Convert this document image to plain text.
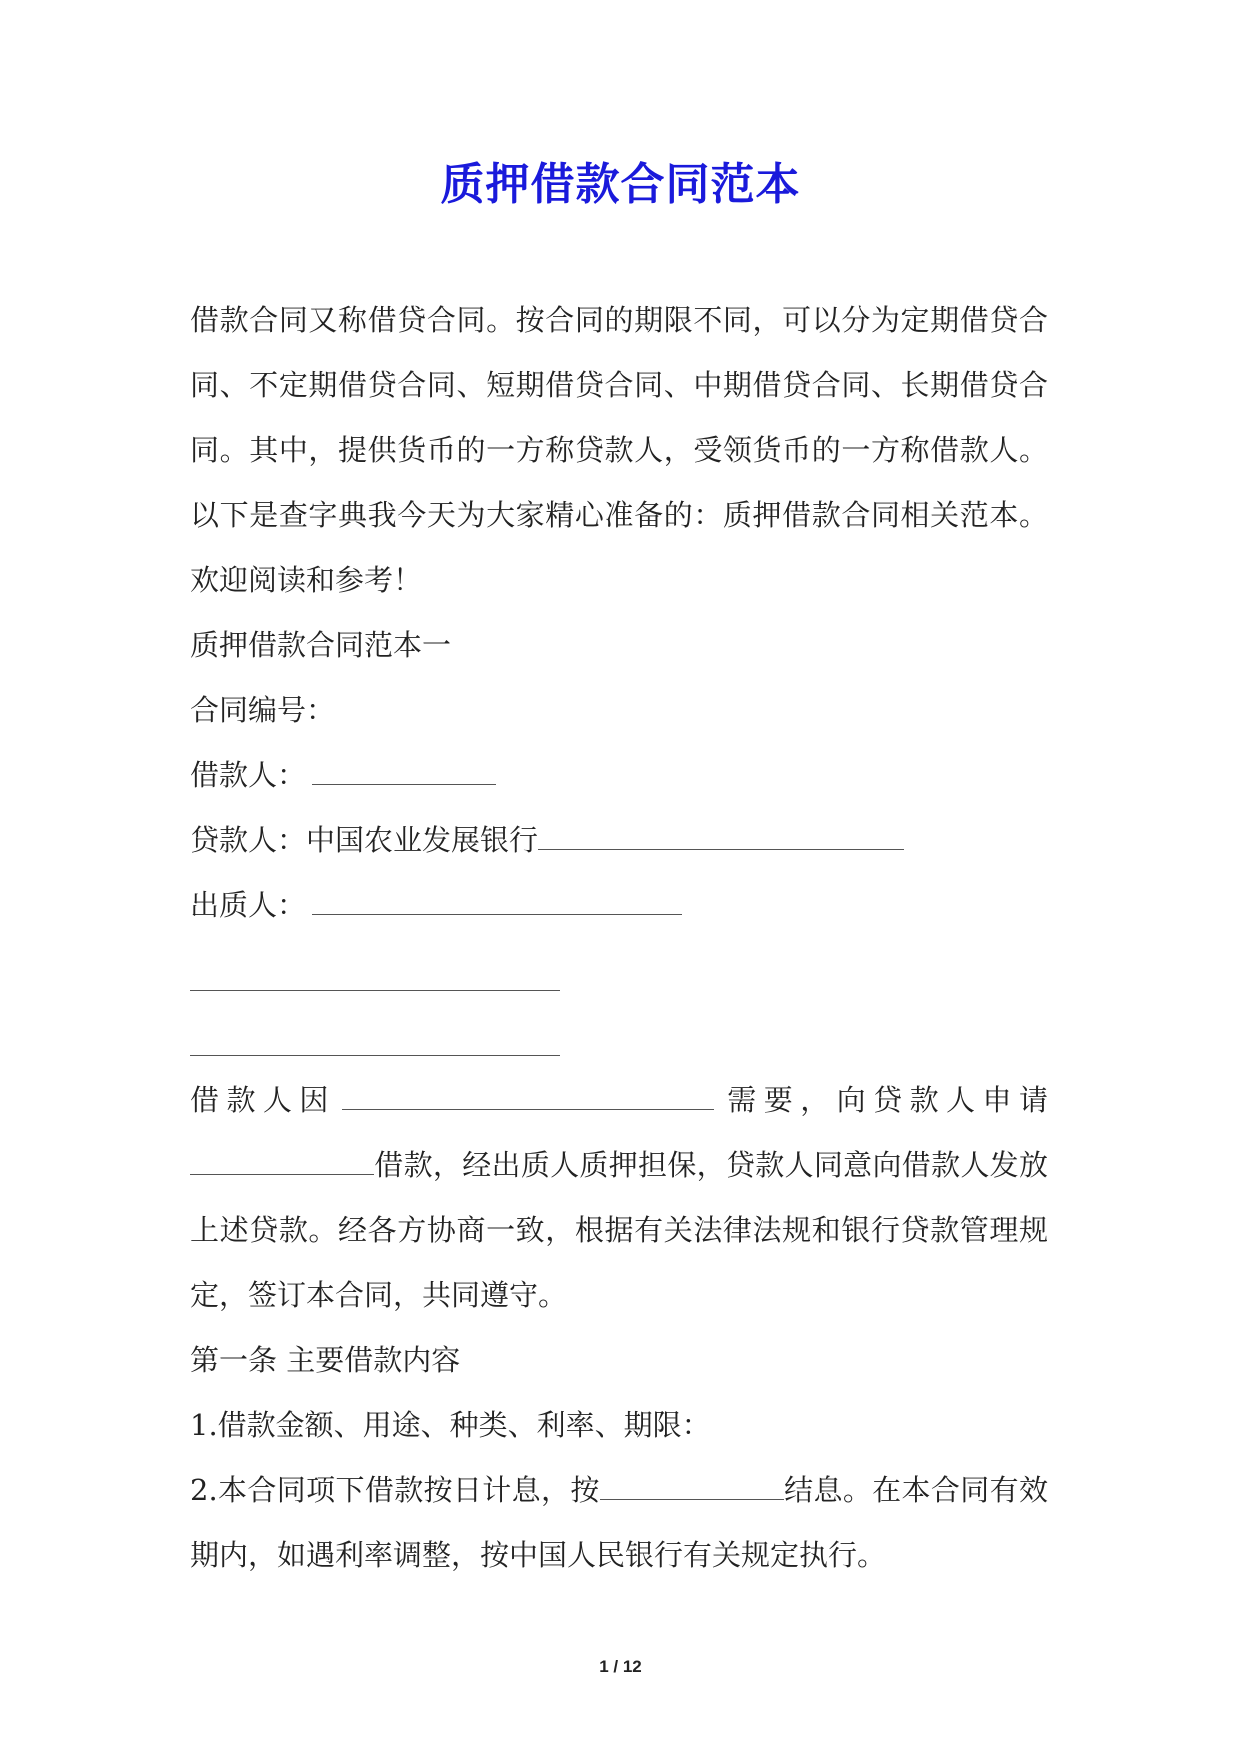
质押借款合同范本

借款合同又称借贷合同。按合同的期限不同，可以分为定期借贷合同、不定期借贷合同、短期借贷合同、中期借贷合同、长期借贷合同。其中，提供货币的一方称贷款人，受领货币的一方称借款人。以下是查字典我今天为大家精心准备的：质押借款合同相关范本。欢迎阅读和参考！

质押借款合同范本一

合同编号：

借款人：

贷款人：中国农业发展银行

出质人：

借款人因	需要，向贷款人申请

借款，经出质人质押担保，贷款人同意向借款人发放上述贷款。经各方协商一致，根据有关法律法规和银行贷款管理规定，签订本合同，共同遵守。

第一条 主要借款内容

1.借款金额、用途、种类、利率、期限：

2.本合同项下借款按日计息，按	结息。在本合同有效期内，如遇利率调整，按中国人民银行有关规定执行。

1 / 12
